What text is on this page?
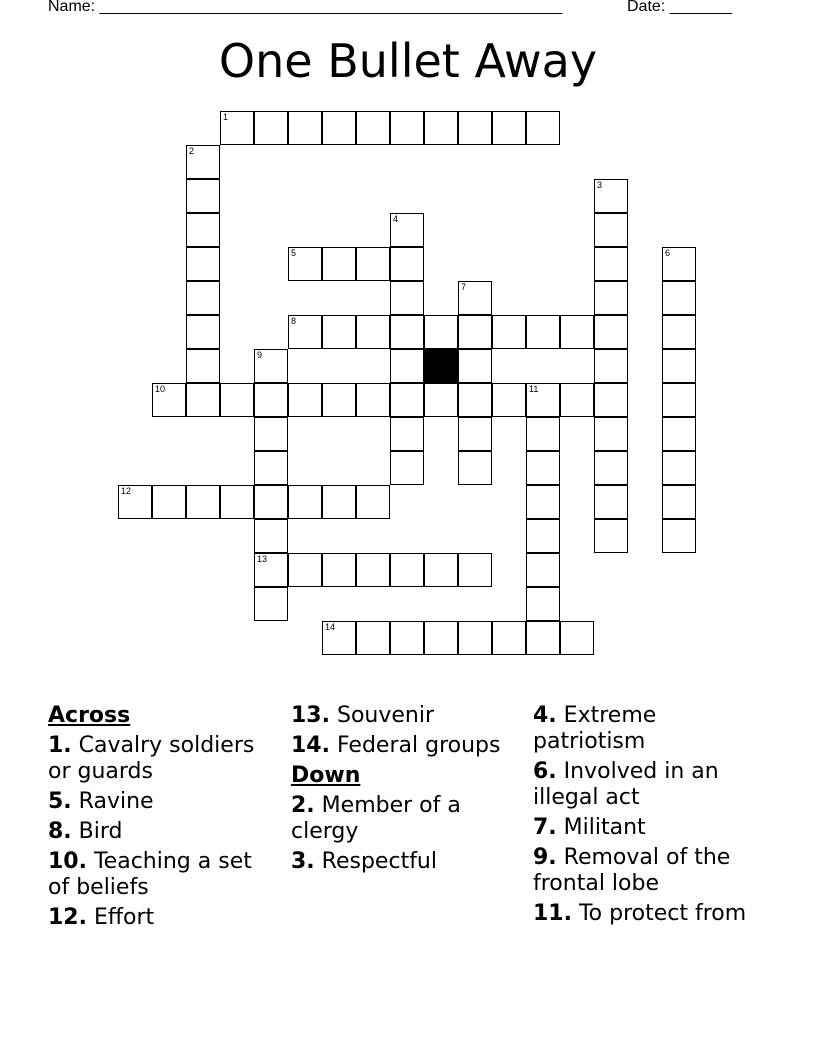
Name: ____________________________________________________	Date: _______
One Bullet Away
1
2
3
4
5	6
7
8
9
13
10	11
12
14
Across
1. Cavalry soldiers or guards
5. Ravine
8. Bird
10. Teaching a set of beliefs
12. Effort
13. Souvenir
14. Federal groups
Down
2. Member of a clergy
3. Respectful
4. Extreme patriotism
6. Involved in an illegal act
7. Militant
9. Removal of the frontal lobe
11. To protect from
